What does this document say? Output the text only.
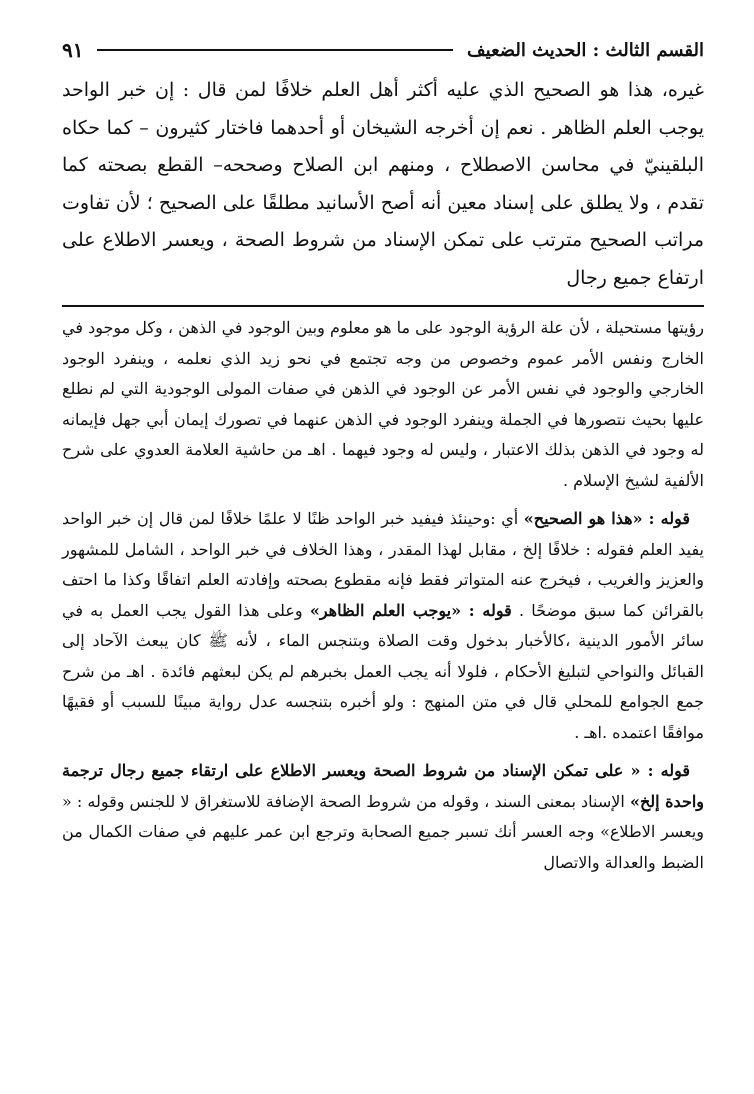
القسم الثالث : الحديث الضعيف
٩١

غيره، هذا هو الصحيح الذي عليه أكثر أهل العلم خلافًا لمن قال : إن خبر الواحد يوجب العلم الظاهر . نعم إن أخرجه الشيخان أو أحدهما فاختار كثيرون – كما حكاه البلقينيّ في محاسن الاصطلاح ، ومنهم ابن الصلاح وصححه– القطع بصحته كما تقدم ، ولا يطلق على إسناد معين أنه أصح الأسانيد مطلقًا على الصحيح ؛ لأن تفاوت مراتب الصحيح مترتب على تمكن الإسناد من شروط الصحة ، ويعسر الاطلاع على ارتفاع جميع رجال

رؤيتها مستحيلة ، لأن علة الرؤية الوجود على ما هو معلوم وبين الوجود في الذهن ، وكل موجود في الخارج ونفس الأمر عموم وخصوص من وجه تجتمع في نحو زيد الذي نعلمه ، وينفرد الوجود الخارجي والوجود في نفس الأمر عن الوجود في الذهن في صفات المولى الوجودية التي لم نطلع عليها بحيث نتصورها في الجملة وينفرد الوجود في الذهن عنهما في تصورك إيمان أبي جهل فإيمانه له وجود في الذهن بذلك الاعتبار ، وليس له وجود فيهما . اهـ من حاشية العلامة العدوي على شرح الألفية لشيخ الإسلام .

قوله : «هذا هو الصحيح» أي :وحينئذ فيفيد خبر الواحد ظنًا لا علمًا خلافًا لمن قال إن خبر الواحد يفيد العلم فقوله : خلافًا إلخ ، مقابل لهذا المقدر ، وهذا الخلاف في خبر الواحد ، الشامل للمشهور والعزيز والغريب ، فيخرج عنه المتواتر فقط فإنه مقطوع بصحته وإفادته العلم اتفاقًا وكذا ما احتف بالقرائن كما سبق موضحًا . قوله : «يوجب العلم الظاهر» وعلى هذا القول يجب العمل به في سائر الأمور الدينية ،كالأخبار بدخول وقت الصلاة وبتنجس الماء ، لأنه ﷺ كان يبعث الآحاد إلى القبائل والنواحي لتبليغ الأحكام ، فلولا أنه يجب العمل بخبرهم لم يكن لبعثهم فائدة . اهـ من شرح جمع الجوامع للمحلي قال في متن المنهج : ولو أخبره بتنجسه عدل رواية مبينًا للسبب أو فقيهًا موافقًا اعتمده .اهـ .

قوله : « على تمكن الإسناد من شروط الصحة ويعسر الاطلاع على ارتقاء جميع رجال ترجمة واحدة إلخ» الإسناد بمعنى السند ، وقوله من شروط الصحة الإضافة للاستغراق لا للجنس وقوله : « ويعسر الاطلاع» وجه العسر أنك تسبر جميع الصحابة وترجع ابن عمر عليهم في صفات الكمال من الضبط والعدالة والاتصال
